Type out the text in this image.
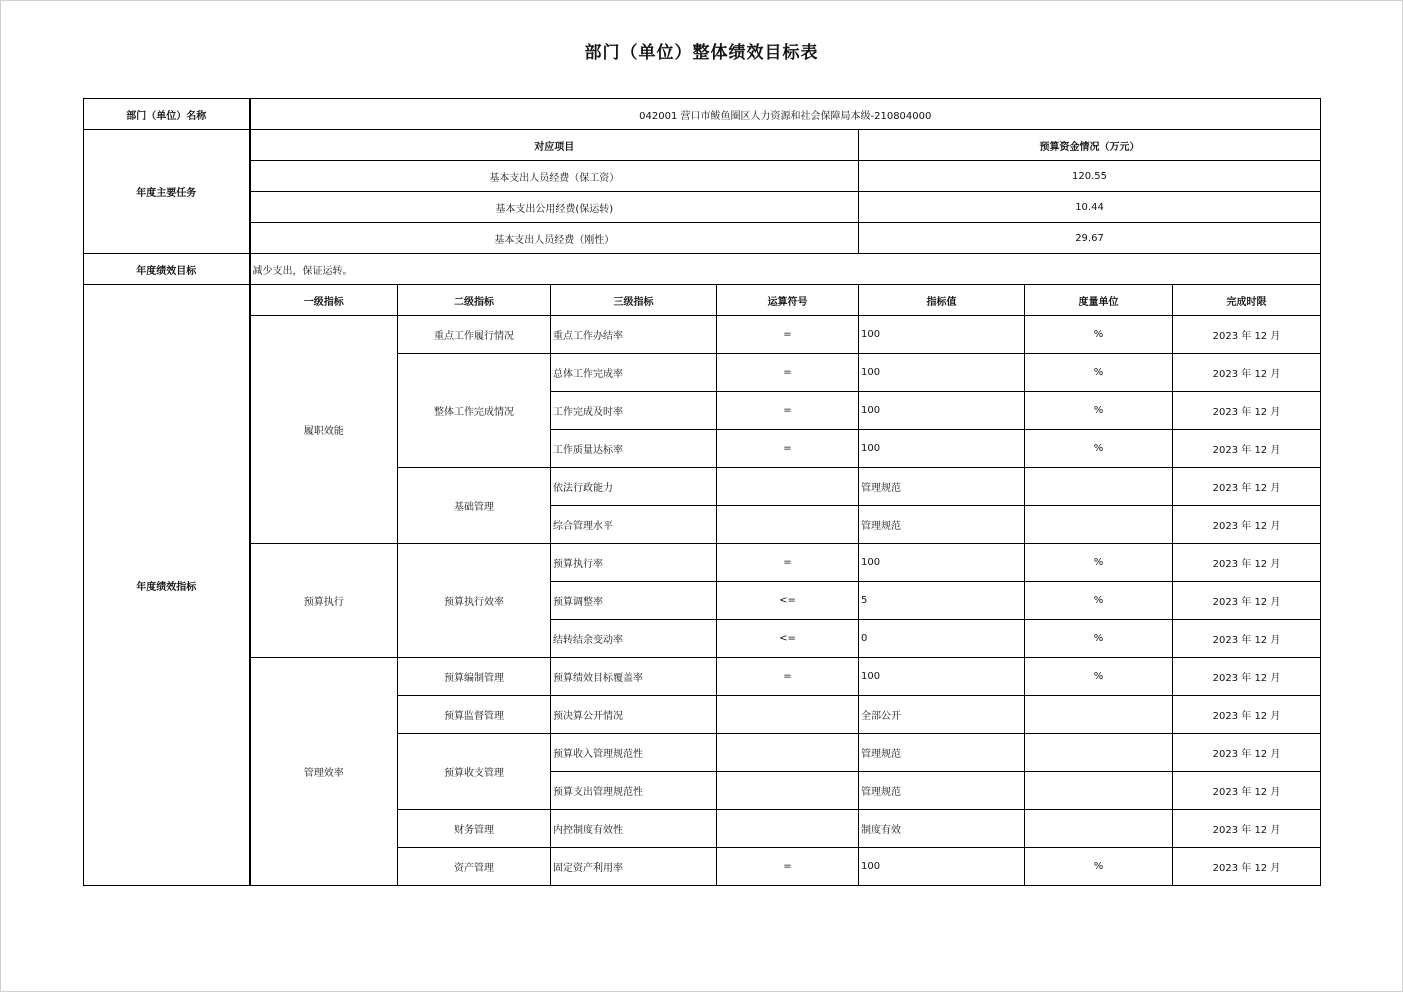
部门（单位）整体绩效目标表
部门（单位）名称	042001 营口市鲅鱼圈区人力资源和社会保障局本级-210804000						
年度主要任务	对应项目				预算资金情况（万元）		
	基本支出人员经费（保工资）				120.55		
	基本支出公用经费(保运转)				10.44		
	基本支出人员经费（刚性）				29.67		
年度绩效目标	减少支出，保证运转。						
年度绩效指标	一级指标	二级指标	三级指标	运算符号	指标值	度量单位	完成时限
	履职效能	重点工作履行情况	重点工作办结率	=	100	%	2023 年 12 月
		整体工作完成情况	总体工作完成率	=	100	%	2023 年 12 月
			工作完成及时率	=	100	%	2023 年 12 月
			工作质量达标率	=	100	%	2023 年 12 月
		基础管理	依法行政能力		管理规范		2023 年 12 月
			综合管理水平		管理规范		2023 年 12 月
	预算执行	预算执行效率	预算执行率	=	100	%	2023 年 12 月
			预算调整率	<=	5	%	2023 年 12 月
			结转结余变动率	<=	0	%	2023 年 12 月
	管理效率	预算编制管理	预算绩效目标覆盖率	=	100	%	2023 年 12 月
		预算监督管理	预决算公开情况		全部公开		2023 年 12 月
		预算收支管理	预算收入管理规范性		管理规范		2023 年 12 月
			预算支出管理规范性		管理规范		2023 年 12 月
		财务管理	内控制度有效性		制度有效		2023 年 12 月
		资产管理	固定资产利用率	=	100	%	2023 年 12 月
